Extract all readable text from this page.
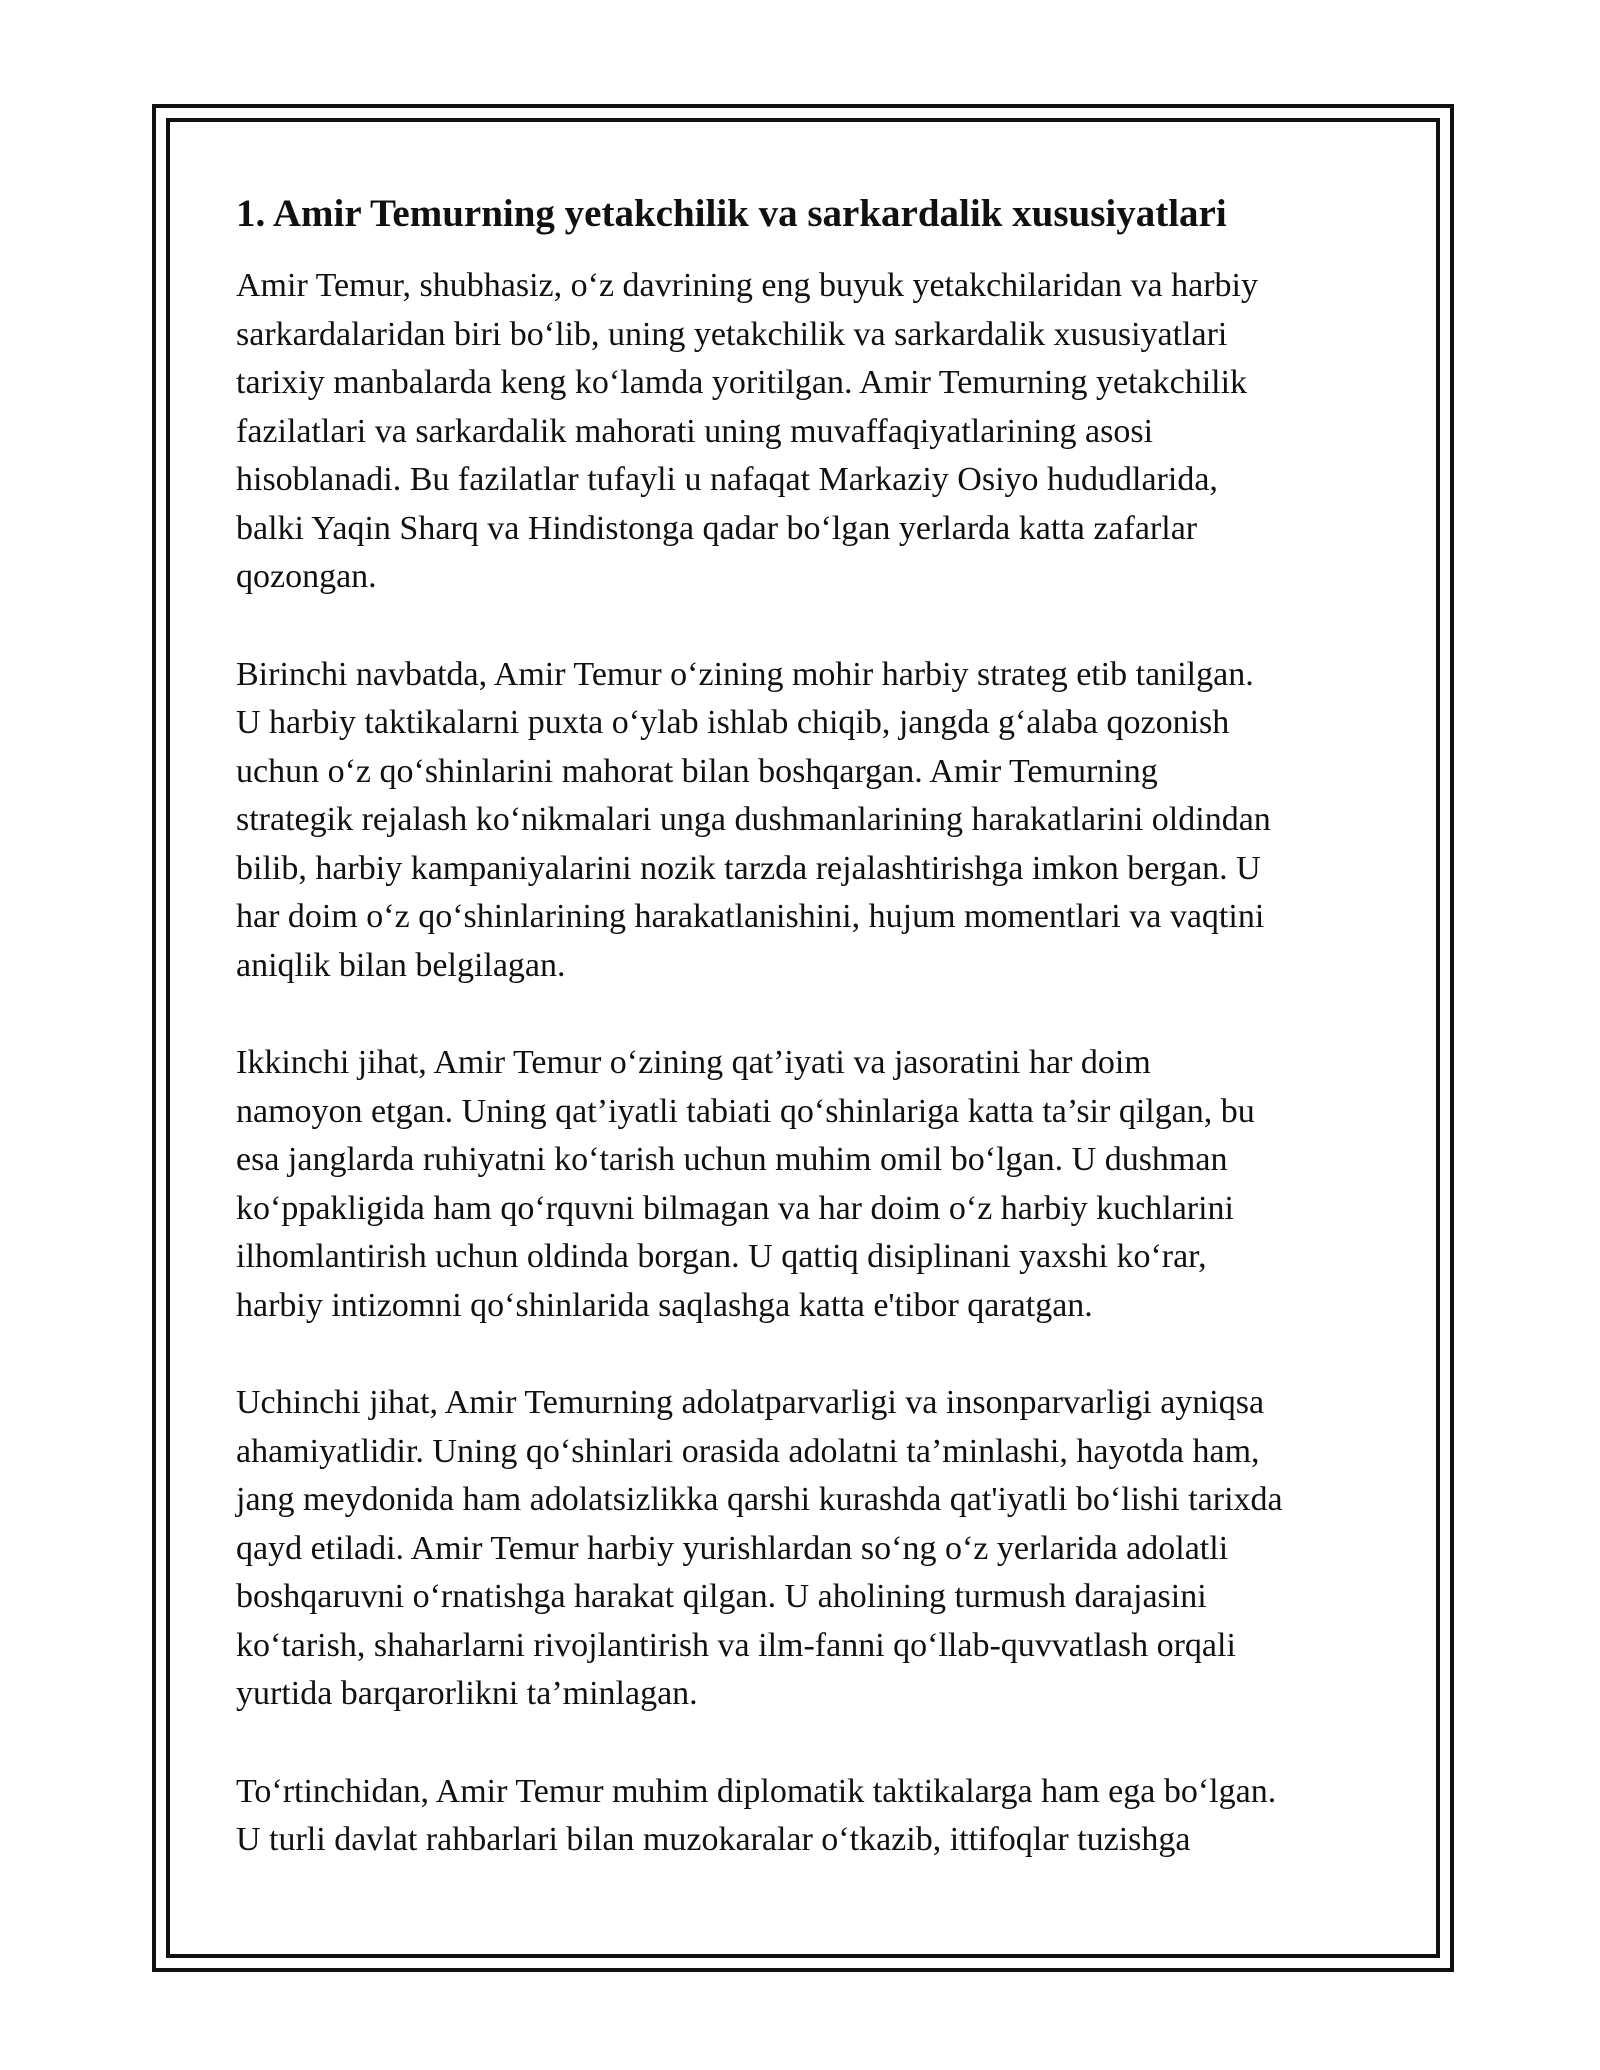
1. Amir Temurning yetakchilik va sarkardalik xususiyatlari

Amir Temur, shubhasiz, o‘z davrining eng buyuk yetakchilaridan va harbiy
sarkardalaridan biri bo‘lib, uning yetakchilik va sarkardalik xususiyatlari
tarixiy manbalarda keng ko‘lamda yoritilgan. Amir Temurning yetakchilik
fazilatlari va sarkardalik mahorati uning muvaffaqiyatlarining asosi
hisoblanadi. Bu fazilatlar tufayli u nafaqat Markaziy Osiyo hududlarida,
balki Yaqin Sharq va Hindistonga qadar bo‘lgan yerlarda katta zafarlar
qozongan.

Birinchi navbatda, Amir Temur o‘zining mohir harbiy strateg etib tanilgan.
U harbiy taktikalarni puxta o‘ylab ishlab chiqib, jangda g‘alaba qozonish
uchun o‘z qo‘shinlarini mahorat bilan boshqargan. Amir Temurning
strategik rejalash ko‘nikmalari unga dushmanlarining harakatlarini oldindan
bilib, harbiy kampaniyalarini nozik tarzda rejalashtirishga imkon bergan. U
har doim o‘z qo‘shinlarining harakatlanishini, hujum momentlari va vaqtini
aniqlik bilan belgilagan.

Ikkinchi jihat, Amir Temur o‘zining qat’iyati va jasoratini har doim
namoyon etgan. Uning qat’iyatli tabiati qo‘shinlariga katta ta’sir qilgan, bu
esa janglarda ruhiyatni ko‘tarish uchun muhim omil bo‘lgan. U dushman
ko‘ppakligida ham qo‘rquvni bilmagan va har doim o‘z harbiy kuchlarini
ilhomlantirish uchun oldinda borgan. U qattiq disiplinani yaxshi ko‘rar,
harbiy intizomni qo‘shinlarida saqlashga katta e'tibor qaratgan.

Uchinchi jihat, Amir Temurning adolatparvarligi va insonparvarligi ayniqsa
ahamiyatlidir. Uning qo‘shinlari orasida adolatni ta’minlashi, hayotda ham,
jang meydonida ham adolatsizlikka qarshi kurashda qat'iyatli bo‘lishi tarixda
qayd etiladi. Amir Temur harbiy yurishlardan so‘ng o‘z yerlarida adolatli
boshqaruvni o‘rnatishga harakat qilgan. U aholining turmush darajasini
ko‘tarish, shaharlarni rivojlantirish va ilm-fanni qo‘llab-quvvatlash orqali
yurtida barqarorlikni ta’minlagan.

To‘rtinchidan, Amir Temur muhim diplomatik taktikalarga ham ega bo‘lgan.
U turli davlat rahbarlari bilan muzokaralar o‘tkazib, ittifoqlar tuzishga
